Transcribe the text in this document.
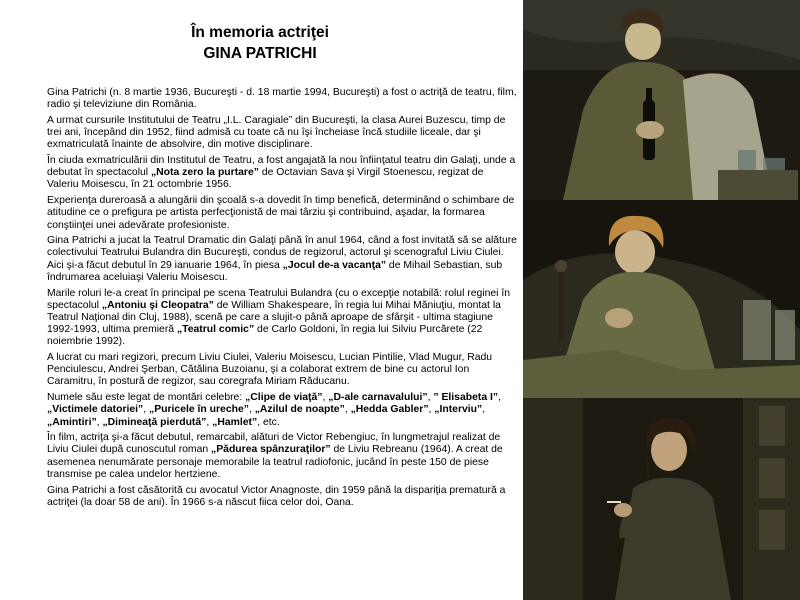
În memoria actriţei
GINA PATRICHI

Gina Patrichi (n. 8 martie 1936, Bucureşti - d. 18 martie 1994, Bucureşti) a fost o actriţă de teatru, film, radio şi televiziune din România.

A urmat cursurile Institutului de Teatru „I.L. Caragiale” din Bucureşti, la clasa Aurei Buzescu, timp de trei ani, începând din 1952, fiind admisă cu toate că nu îşi încheiase încă studiile liceale, dar şi exmatriculată înainte de absolvire, din motive disciplinare.

În ciuda exmatriculării din Institutul de Teatru, a fost angajată la nou înfiinţatul teatru din Galaţi, unde a debutat în spectacolul „Nota zero la purtare” de Octavian Sava şi Virgil Stoenescu, regizat de Valeriu Moisescu, în 21 octombrie 1956.

Experienţa dureroasă a alungării din şcoală s-a dovedit în timp benefică, determinând o schimbare de atitudine ce o prefigura pe artista perfecţionistă de mai târziu şi contribuind, aşadar, la formarea conştiinţei unei adevărate profesioniste.

Gina Patrichi a jucat la Teatrul Dramatic din Galaţi până în anul 1964, când a fost invitată să se alăture colectivului Teatrului Bulandra din Bucureşti, condus de regizorul, actorul şi scenograful Liviu Ciulei. Aici şi-a făcut debutul în 29 ianuarie 1964, în piesa „Jocul de-a vacanţa” de Mihail Sebastian, sub îndrumarea aceluiaşi Valeriu Moisescu.

Marile roluri le-a creat în principal pe scena Teatrului Bulandra (cu o excepţie notabilă: rolul reginei în spectacolul „Antoniu şi Cleopatra” de William Shakespeare, în regia lui Mihai Măniuţiu, montat la Teatrul Naţional din Cluj, 1988), scenă pe care a slujit-o până aproape de sfârşit - ultima stagiune 1992-1993, ultima premieră „Teatrul comic” de Carlo Goldoni, în regia lui Silviu Purcărete (22 noiembrie 1992).

A lucrat cu mari regizori, precum Liviu Ciulei, Valeriu Moisescu, Lucian Pintilie, Vlad Mugur, Radu Penciulescu, Andrei Şerban, Cătălina Buzoianu, şi a colaborat extrem de bine cu actorul Ion Caramitru, în postură de regizor, sau coregrafa Miriam Răducanu.

Numele său este legat de montări celebre: „Clipe de viaţă”, „D-ale carnavalului”, ” Elisabeta I”, „Victimele datoriei”, „Puricele în ureche”, „Azilul de noapte”, „Hedda Gabler”, „Interviu”, „Amintiri”, „Dimineaţă pierdută”, „Hamlet”, etc.

În film, actriţa şi-a făcut debutul, remarcabil, alături de Victor Rebengiuc, în lungmetrajul realizat de Liviu Ciulei după cunoscutul roman „Pădurea spânzuraţilor” de Liviu Rebreanu (1964). A creat de asemenea nenumărate personaje memorabile la teatrul radiofonic, jucând în peste 150 de piese transmise pe calea undelor hertziene.

Gina Patrichi a fost căsătorită cu avocatul Victor Anagnoste, din 1959 până la dispariţia prematură a actriţei (la doar 58 de ani). În 1966 s-a născut fiica celor doi, Oana.
